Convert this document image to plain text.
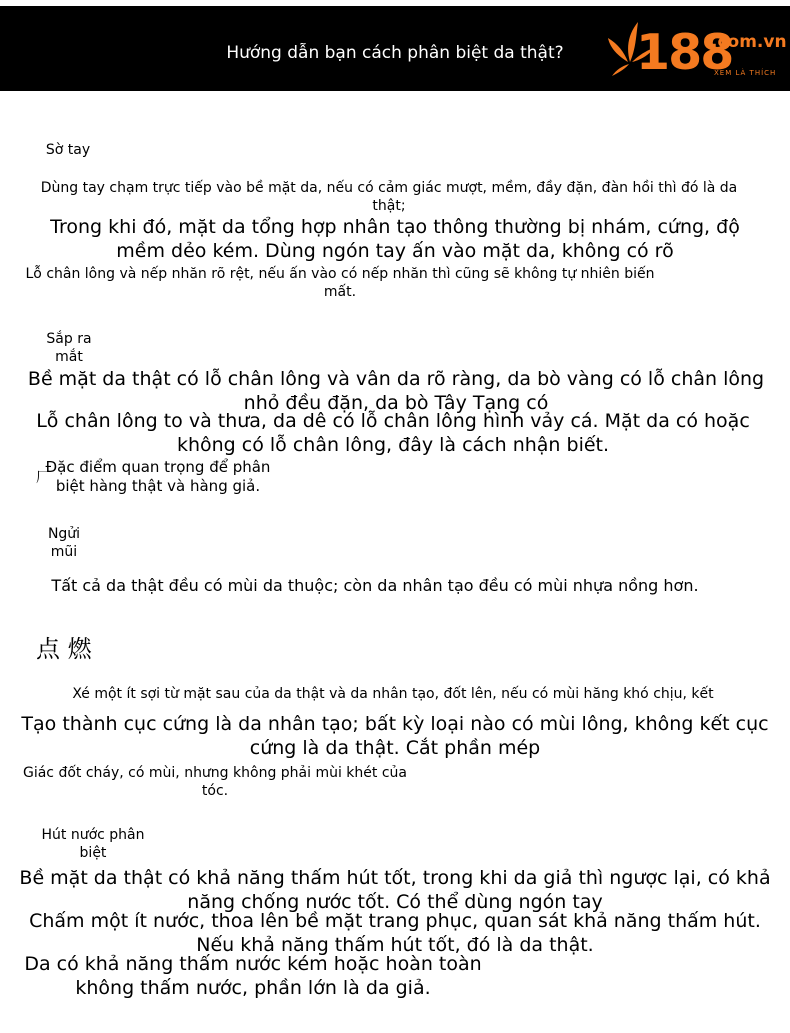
Hướng dẫn bạn cách phân biệt da thật?	188
.com.vn
XEM LÀ THÍCH
Sờ tay
Dùng tay chạm trực tiếp vào bề mặt da, nếu có cảm giác mượt, mềm, đầy đặn, đàn hồi thì đó là da thật;
Trong khi đó, mặt da tổng hợp nhân tạo thông thường bị nhám, cứng, độ mềm dẻo kém. Dùng ngón tay ấn vào mặt da, không có rõ
Lỗ chân lông và nếp nhăn rõ rệt, nếu ấn vào có nếp nhăn thì cũng sẽ không tự nhiên biến mất.
Sắp ra mắt
Bề mặt da thật có lỗ chân lông và vân da rõ ràng, da bò vàng có lỗ chân lông nhỏ đều đặn, da bò Tây Tạng có
Lỗ chân lông to và thưa, da dê có lỗ chân lông hình vảy cá. Mặt da có hoặc không có lỗ chân lông, đây là cách nhận biết.
Đặc điểm quan trọng để phân biệt hàng thật và hàng giả.
厂
Ngửi mũi
Tất cả da thật đều có mùi da thuộc; còn da nhân tạo đều có mùi nhựa nồng hơn.
点 燃
Xé một ít sợi từ mặt sau của da thật và da nhân tạo, đốt lên, nếu có mùi hăng khó chịu, kết
Tạo thành cục cứng là da nhân tạo; bất kỳ loại nào có mùi lông, không kết cục cứng là da thật. Cắt phần mép
Giác đốt cháy, có mùi, nhưng không phải mùi khét của tóc.
Hút nước phân biệt
Bề mặt da thật có khả năng thấm hút tốt, trong khi da giả thì ngược lại, có khả năng chống nước tốt. Có thể dùng ngón tay
Chấm một ít nước, thoa lên bề mặt trang phục, quan sát khả năng thấm hút. Nếu khả năng thấm hút tốt, đó là da thật.
Da có khả năng thấm nước kém hoặc hoàn toàn không thấm nước, phần lớn là da giả.
